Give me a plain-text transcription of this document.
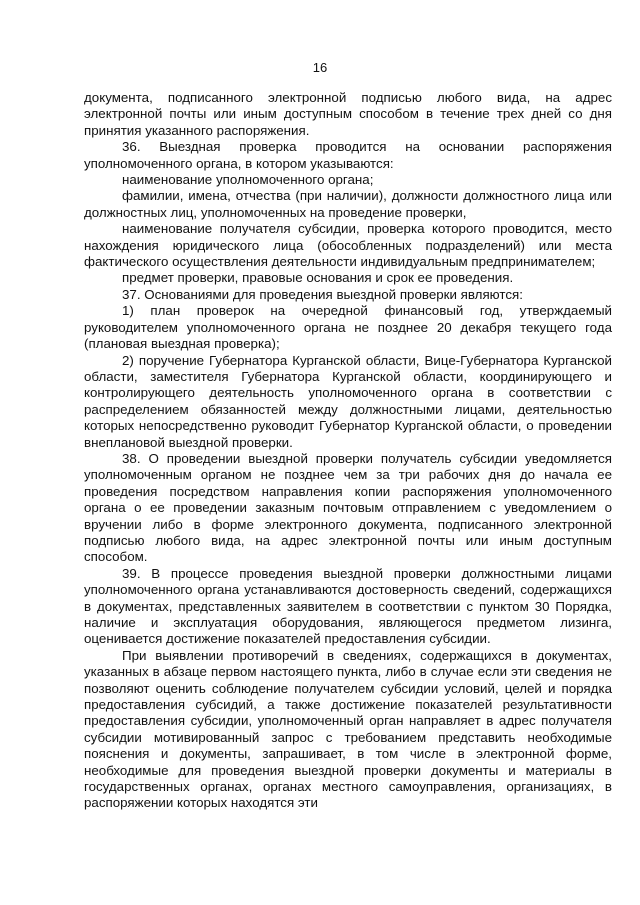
16

документа, подписанного электронной подписью любого вида, на адрес электронной почты или иным доступным способом в течение трех дней со дня принятия указанного распоряжения.

36. Выездная проверка проводится на основании распоряжения уполномоченного органа, в котором указываются:

наименование уполномоченного органа;

фамилии, имена, отчества (при наличии), должности должностного лица или должностных лиц, уполномоченных на проведение проверки,

наименование получателя субсидии, проверка которого проводится, место нахождения юридического лица (обособленных подразделений) или места фактического осуществления деятельности индивидуальным предпринимателем;

предмет проверки, правовые основания и срок ее проведения.

37. Основаниями для проведения выездной проверки являются:

1) план проверок на очередной финансовый год, утверждаемый руководителем уполномоченного органа не позднее 20 декабря текущего года (плановая выездная проверка);

2) поручение Губернатора Курганской области, Вице-Губернатора Курганской области, заместителя Губернатора Курганской области, координирующего и контролирующего деятельность уполномоченного органа в соответствии с распределением обязанностей между должностными лицами, деятельностью которых непосредственно руководит Губернатор Курганской области, о проведении внеплановой выездной проверки.

38. О проведении выездной проверки получатель субсидии уведомляется уполномоченным органом не позднее чем за три рабочих дня до начала ее проведения посредством направления копии распоряжения уполномоченного органа о ее проведении заказным почтовым отправлением с уведомлением о вручении либо в форме электронного документа, подписанного электронной подписью любого вида, на адрес электронной почты или иным доступным способом.

39. В процессе проведения выездной проверки должностными лицами уполномоченного органа устанавливаются достоверность сведений, содержащихся в документах, представленных заявителем в соответствии с пунктом 30 Порядка, наличие и эксплуатация оборудования, являющегося предметом лизинга, оценивается достижение показателей предоставления субсидии.

При выявлении противоречий в сведениях, содержащихся в документах, указанных в абзаце первом настоящего пункта, либо в случае если эти сведения не позволяют оценить соблюдение получателем субсидии условий, целей и порядка предоставления субсидий, а также достижение показателей результативности предоставления субсидии, уполномоченный орган направляет в адрес получателя субсидии мотивированный запрос с требованием представить необходимые пояснения и документы, запрашивает, в том числе в электронной форме, необходимые для проведения выездной проверки документы и материалы в государственных органах, органах местного самоуправления, организациях, в распоряжении которых находятся эти
